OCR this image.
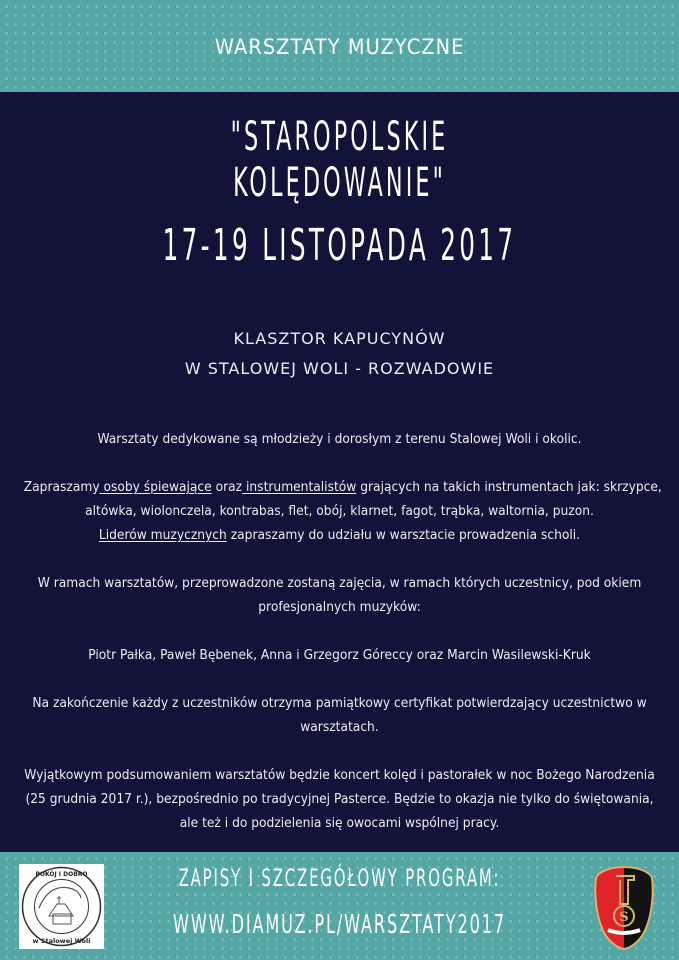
WARSZTATY MUZYCZNE
"STAROPOLSKIE KOLĘDOWANIE"
17-19 LISTOPADA 2017
KLASZTOR KAPUCYNÓW
W STALOWEJ WOLI - ROZWADOWIE

Warsztaty dedykowane są młodzieży i dorosłym z terenu Stalowej Woli i okolic.

Zapraszamy osoby śpiewające oraz instrumentalistów grających na takich instrumentach jak: skrzypce,
altówka, wiolonczela, kontrabas, flet, obój, klarnet, fagot, trąbka, waltornia, puzon.
Liderów muzycznych zapraszamy do udziału w warsztacie prowadzenia scholi.

W ramach warsztatów, przeprowadzone zostaną zajęcia, w ramach których uczestnicy, pod okiem
profesjonalnych muzyków:

Piotr Pałka, Paweł Bębenek, Anna i Grzegorz Góreccy oraz Marcin Wasilewski-Kruk

Na zakończenie każdy z uczestników otrzyma pamiątkowy certyfikat potwierdzający uczestnictwo w
warsztatach.

Wyjątkowym podsumowaniem warsztatów będzie koncert kolęd i pastorałek w noc Bożego Narodzenia
(25 grudnia 2017 r.), bezpośrednio po tradycyjnej Pasterce. Będzie to okazja nie tylko do świętowania,
ale też i do podzielenia się owocami wspólnej pracy.

POKÓJ I DOBRO
w Stalowej Woli
ZAPISY I SZCZEGÓŁOWY PROGRAM:
WWW.DIAMUZ.PL/WARSZTATY2017	S
